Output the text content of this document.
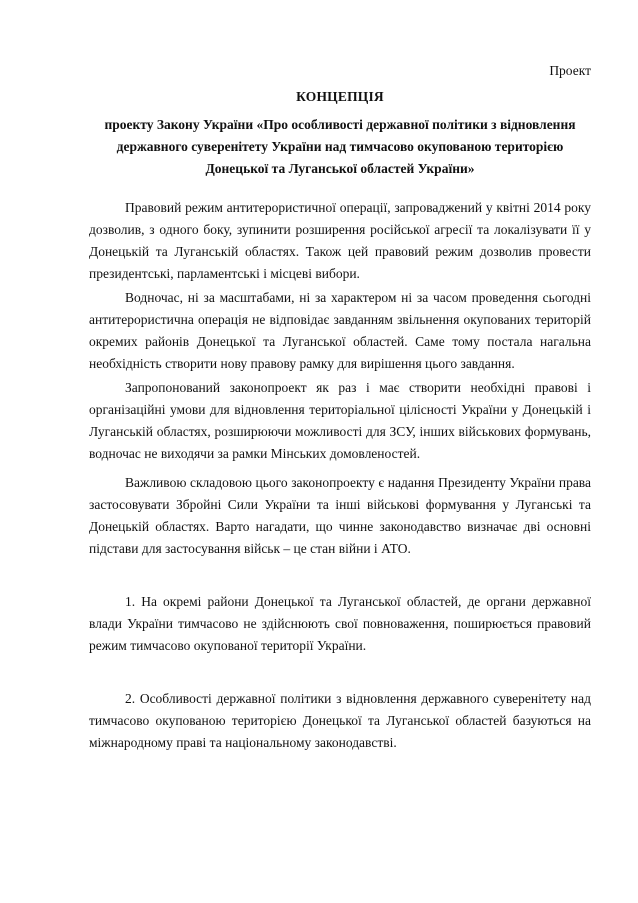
Проект
КОНЦЕПЦІЯ
проекту Закону України «Про особливості державної політики з відновлення державного суверенітету України над тимчасово окупованою територією Донецької та Луганської областей України»

Правовий режим антитерористичної операції, запроваджений у квітні 2014 року дозволив, з одного боку, зупинити розширення російської агресії та локалізувати її у Донецькій та Луганській областях. Також цей правовий режим дозволив провести президентські, парламентські і місцеві вибори.

Водночас, ні за масштабами, ні за характером ні за часом проведення сьогодні антитерористична операція не відповідає завданням звільнення окупованих територій окремих районів Донецької та Луганської областей. Саме тому постала нагальна необхідність створити нову правову рамку для вирішення цього завдання.

Запропонований законопроект як раз і має створити необхідні правові і організаційні умови для відновлення територіальної цілісності України у Донецькій і Луганській областях, розширюючи можливості для ЗСУ, інших військових формувань, водночас не виходячи за рамки Мінських домовленостей.

Важливою складовою цього законопроекту є надання Президенту України права застосовувати Збройні Сили України та інші військові формування у Луганські та Донецькій областях. Варто нагадати, що чинне законодавство визначає дві основні підстави для застосування військ – це стан війни і АТО.

1. На окремі райони Донецької та Луганської областей, де органи державної влади України тимчасово не здійснюють свої повноваження, поширюється правовий режим тимчасово окупованої території України.

2. Особливості державної політики з відновлення державного суверенітету над тимчасово окупованою територією Донецької та Луганської областей базуються на міжнародному праві та національному законодавстві.
